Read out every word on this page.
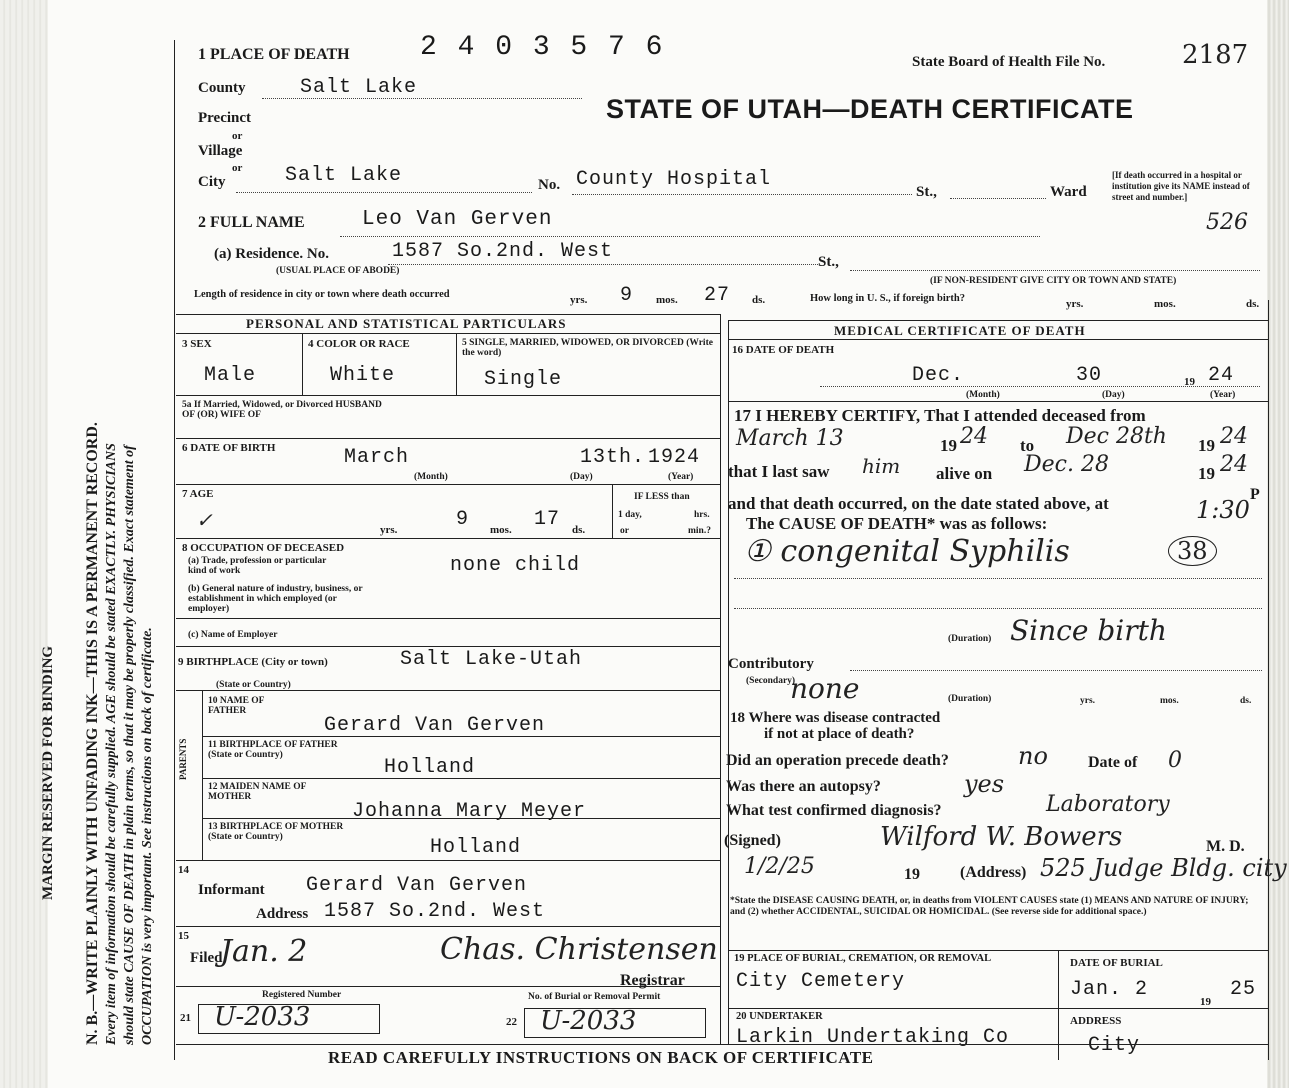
MARGIN RESERVED FOR BINDING N. B.—WRITE PLAINLY WITH UNFADING INK—THIS IS A PERMANENT RECORD. Every item of information should be carefully supplied. AGE should be stated EXACTLY. PHYSICIANS should state CAUSE OF DEATH in plain terms, so that it may be properly classified. Exact statement of OCCUPATION is very important. See instructions on back of certificate.
1 PLACE OF DEATH	2 4 0 3 5 7 6	State Board of Health File No.	2187
STATE OF UTAH—DEATH CERTIFICATE
County	Salt Lake
Precinct
or
Village
or
City	Salt Lake	No. County Hospital
St.,	Ward
[If death occurred in a hospital or institution give its NAME instead of street and number.]
526
2 FULL NAME	Leo Van Gerven
(a) Residence. No.	1587 So.2nd. West
(USUAL PLACE OF ABODE)
St.,
(IF NON-RESIDENT GIVE CITY OR TOWN AND STATE)
Length of residence in city or town where death occurred	yrs. 9 mos. 27 ds.	How long in U. S., if foreign birth?	yrs.	mos.	ds.
PERSONAL AND STATISTICAL PARTICULARS
3 SEX
Male
4 COLOR OR RACE
White
5 SINGLE, MARRIED, WIDOWED, OR DIVORCED (Write the word)
Single
5a If Married, Widowed, or Divorced HUSBAND OF (OR) WIFE OF
6 DATE OF BIRTH	March	13th. 1924
(Month)	(Day)	(Year)
7 AGE
✓	yrs.	9 mos. 17 ds.
IF LESS than
1 day,	hrs.
or	min.?
8 OCCUPATION OF DECEASED
(a) Trade, profession or particular kind of work	none child
(b) General nature of industry, business, or establishment in which employed (or employer)
(c) Name of Employer
9 BIRTHPLACE (City or town)	Salt Lake-Utah
(State or Country)
PARENTS
10 NAME OF FATHER
Gerard Van Gerven
11 BIRTHPLACE OF FATHER (State or Country)
Holland
12 MAIDEN NAME OF MOTHER
Johanna Mary Meyer
13 BIRTHPLACE OF MOTHER (State or Country)	Holland
14
Informant Gerard Van Gerven
Address 1587 So.2nd. West
15
Filed
Jan. 2	Chas. Christensen
Registrar
Registered Number
21 U-2033
No. of Burial or Removal Permit
22 U-2033
MEDICAL CERTIFICATE OF DEATH
16 DATE OF DEATH
Dec.	30	19 24
(Month)	(Day)	(Year)
17 I HEREBY CERTIFY, That I attended deceased from
March 13	19 24 to Dec 28th 19 24
that I last saw him alive on Dec. 28	19 24
and that death occurred, on the date stated above, at	1:30
P
The CAUSE OF DEATH* was as follows:
① congenital Syphilis	38
(Duration) Since birth
Contributory
(Secondary)
none	(Duration)	yrs.	mos.	ds.
18 Where was disease contracted
if not at place of death?
Did an operation precede death?	no	Date of 0
Was there an autopsy?	yes
What test confirmed diagnosis?	Laboratory
(Signed)	Wilford W. Bowers	M. D.
1/2/25	19	(Address) 525 Judge Bldg. city
*State the DISEASE CAUSING DEATH, or, in deaths from VIOLENT CAUSES state (1) MEANS AND NATURE OF INJURY; and (2) whether ACCIDENTAL, SUICIDAL OR HOMICIDAL. (See reverse side for additional space.)
19 PLACE OF BURIAL, CREMATION, OR REMOVAL
City Cemetery
DATE OF BURIAL
Jan. 2
19
25
20 UNDERTAKER
Larkin Undertaking Co
ADDRESS
City
READ CAREFULLY INSTRUCTIONS ON BACK OF CERTIFICATE
